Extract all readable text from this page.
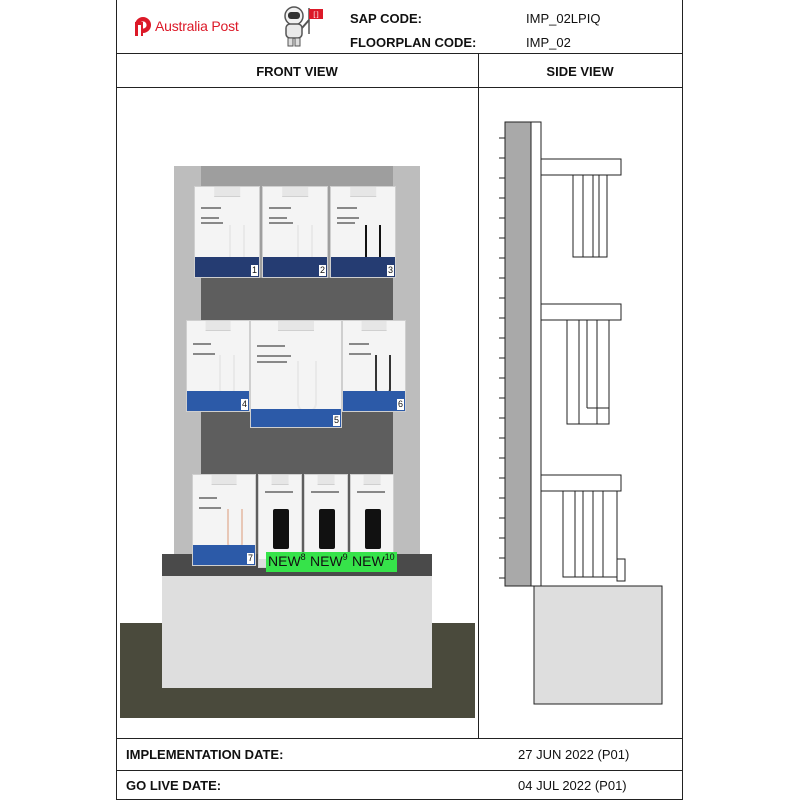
Australia Post
[] SAP CODE:	IMP_02LPIQ
FLOORPLAN CODE:	IMP_02
FRONT VIEW	SIDE VIEW
1	2	3
4
5
6
7 NEW$^8$ NEW$^9$ NEW$^{10}$
IMPLEMENTATION DATE:	27 JUN 2022 (P01)
GO LIVE DATE:	04 JUL 2022 (P01)
